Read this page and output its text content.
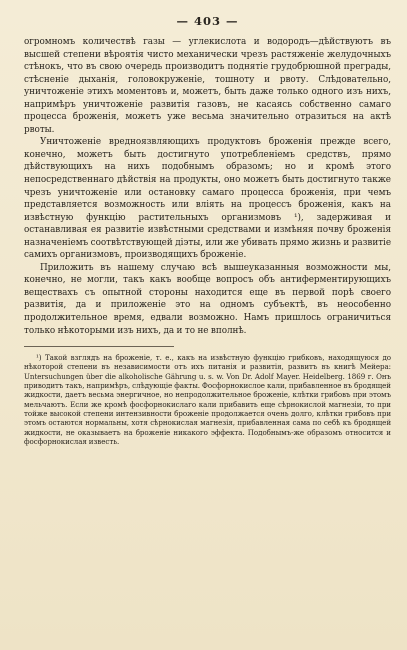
— 403 —

огромномъ количествѣ газы — углекислота и водородъ—дѣйствуютъ въ высшей степени вѣроятія чисто механически чрезъ растяженіе желудочныхъ стѣнокъ, что въ свою очередь производитъ поднятіе грудобрюшной преграды, стѣсненіе дыханія, головокруженіе, тошноту и рвоту. Слѣдовательно, уничтоженіе этихъ моментовъ и, можетъ, быть даже только одного изъ нихъ, напримѣръ уничтоженіе развитія газовъ, не касаясь собственно самаго процесса броженія, можетъ уже весьма значительно отразиться на актѣ рвоты.

Уничтоженіе вредноязвляющихъ продуктовъ броженія прежде всего, конечно, можетъ быть достигнуто употребленіемъ средствъ, прямо дѣйствующихъ на нихъ подобнымъ образомъ; но и кромѣ этого непосредственнаго дѣйствія на продукты, оно можетъ быть достигнуто также чрезъ уничтоженіе или остановку самаго процесса броженія, при чемъ представляется возможность или вліять на процессъ броженія, какъ на извѣстную функцію растительныхъ организмовъ ¹), задерживая и останавливая ея развитіе извѣстными средствами и измѣняя почву броженія назначеніемъ соотвѣтствующей діэты, или же убивать прямо жизнь и развитіе самихъ организмовъ, производящихъ броженіе.

Приложить въ нашему случаю всѣ вышеуказанныя возможности мы, конечно, не могли, такъ какъ вообще вопросъ объ антиферментирующихъ веществахъ съ опытной стороны находится еще въ первой порѣ своего развитія, да и приложеніе это на одномъ субъектѣ, въ неособенно продолжительное время, едвали возможно. Намъ пришлось ограничиться только нѣкоторыми изъ нихъ, да и то не вполнѣ.

¹) Такой взглядъ на броженіе, т. е., какъ на извѣстную функцію грибковъ, находящуюся до нѣкоторой степени въ независимости отъ ихъ питанія и развитія, развитъ въ книгѣ Мейера: Untersuchungen über die alkoholische Gährung u. s. w. Von Dr. Adolf Mayer. Heidelberg. 1869 г. Онъ приводитъ такъ, напримѣръ, слѣдующіе факты. Фосфорнокислое кали, прибавленное въ бродящей жидкости, даетъ весьма энергичное, но непродолжительное броженіе, клѣтки грибовъ при этомъ мельчаютъ. Если же кромѣ фосфорнокислаго кали прибавить еще сѣрнокислой магнезіи, то при тойже высокой степени интензивности броженіе продолжается очень долго, клѣтки грибовъ при этомъ остаются нормальны, хотя сѣрнокислая магнезія, прибавленная сама по себѣ къ бродящей жидкости, не оказываетъ на броженіе никакого эффекта. Подобнымъ-же образомъ относится и фосфорнокислая известь.
